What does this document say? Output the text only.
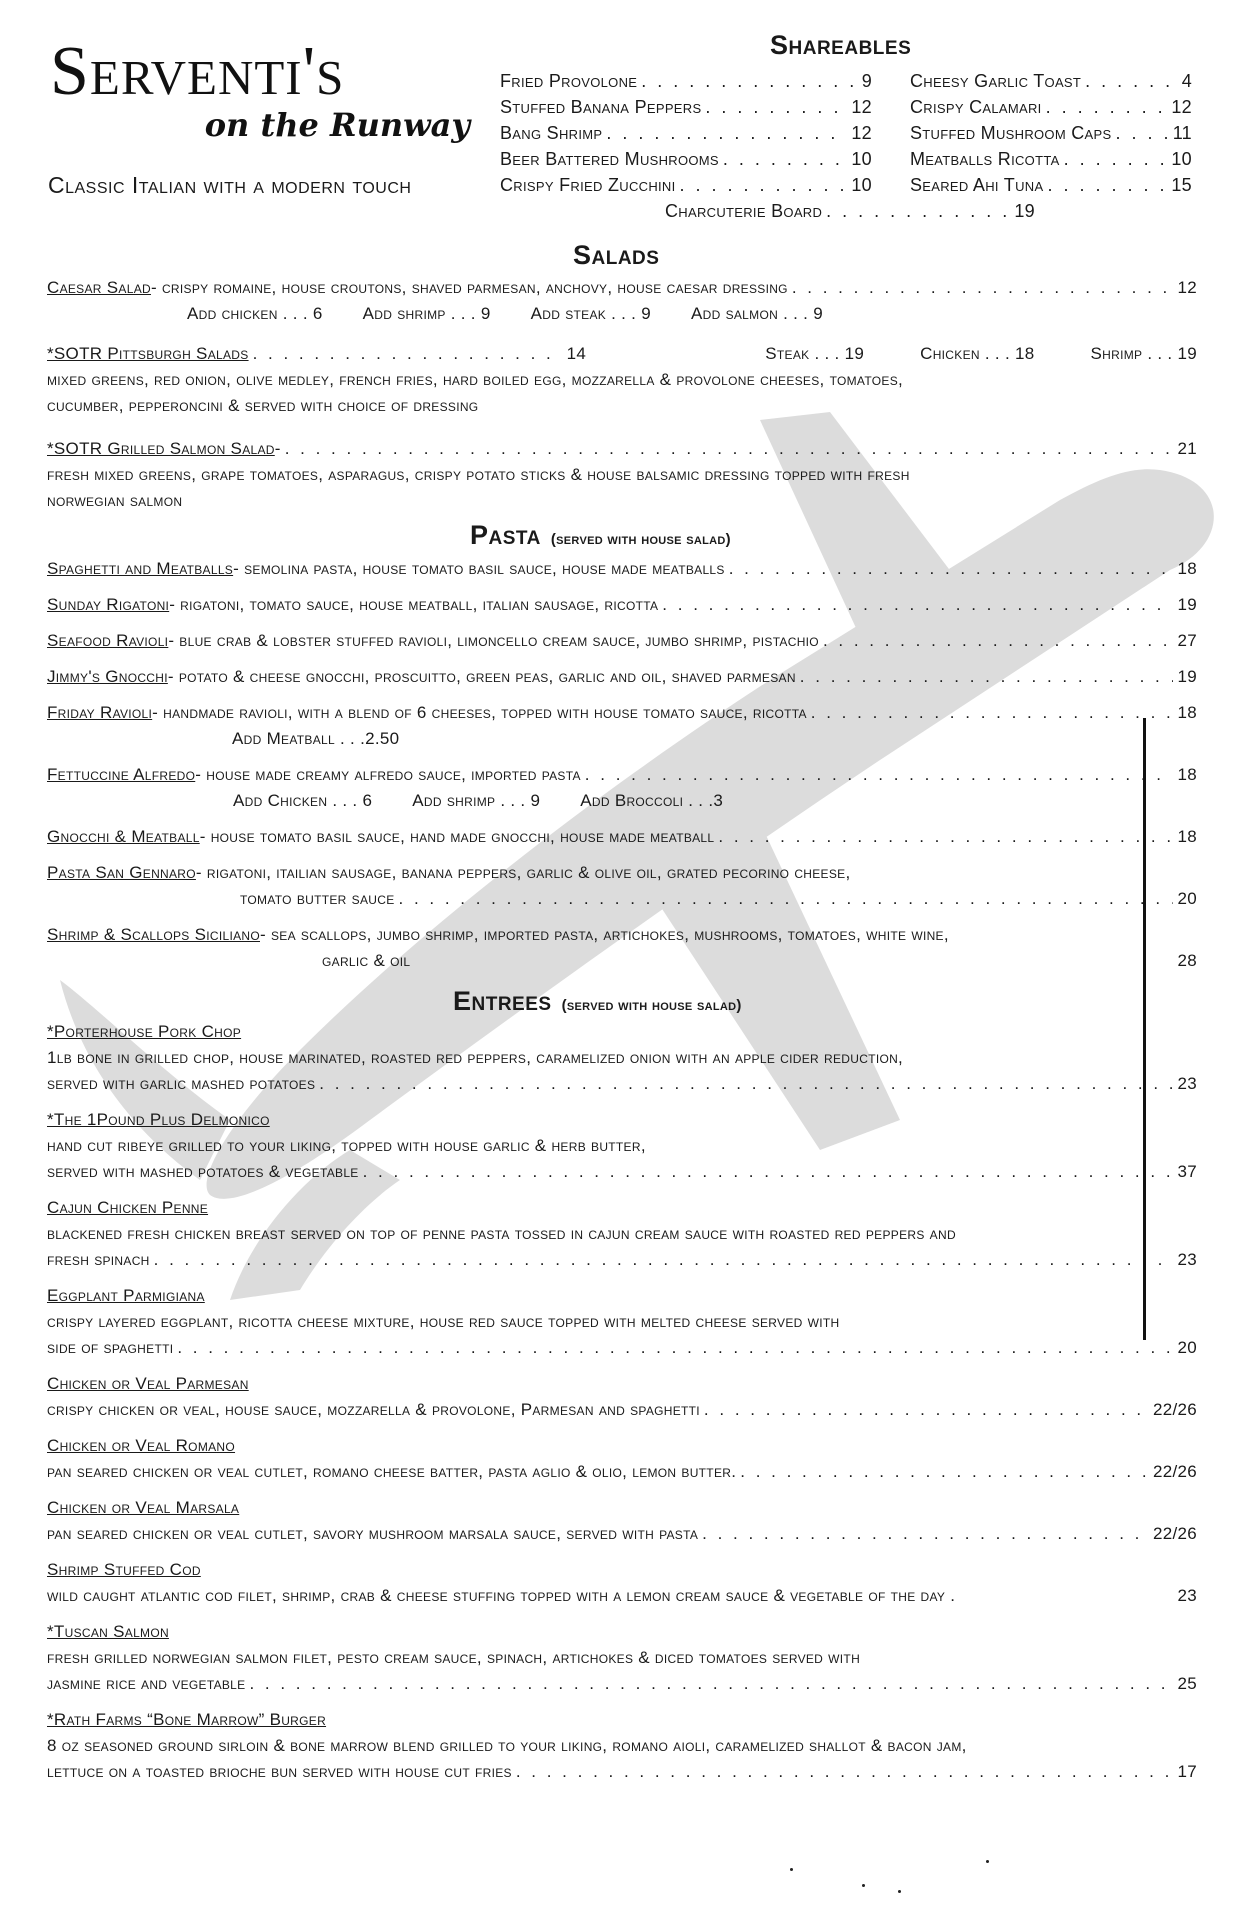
Serventi's
on the Runway
Classic Italian with a modern touch
Shareables
Fried Provolone . . .	9
Stuffed Banana Peppers . . .	12
Bang Shrimp . . .	12
Beer Battered Mushrooms . . .	10
Crispy Fried Zucchini . . .	10
Cheesy Garlic Toast . . .	4
Crispy Calamari . . .	12
Stuffed Mushroom Caps . . .	11
Meatballs Ricotta . . .	10
Seared Ahi Tuna . . .	15
Charcuterie Board . . .	19
Salads
Caesar Salad - crispy romaine, house croutons, shaved parmesan, anchovy, house caesar dressing . . .	12
Add chicken . . . 6 Add shrimp . . . 9 Add steak . . . 9 Add salmon . . . 9
*SOTR Pittsburgh Salads . . .	14	Steak . . . 19	Chicken . . . 18	Shrimp . . . 19
mixed greens, red onion, olive medley, french fries, hard boiled egg, mozzarella & provolone cheeses, tomatoes,
cucumber, pepperoncini & served with choice of dressing
*SOTR Grilled Salmon Salad - . . .	21
fresh mixed greens, grape tomatoes, asparagus, crispy potato sticks & house balsamic dressing topped with fresh
norwegian salmon
Pasta (served with house salad)
Spaghetti and Meatballs - semolina pasta, house tomato basil sauce, house made meatballs . . .	18
Sunday Rigatoni - rigatoni, tomato sauce, house meatball, italian sausage, ricotta . . .	19
Seafood Ravioli - blue crab & lobster stuffed ravioli, limoncello cream sauce, jumbo shrimp, pistachio . . .	27
Jimmy's Gnocchi - potato & cheese gnocchi, proscuitto, green peas, garlic and oil, shaved parmesan . . .	19
Friday Ravioli - handmade ravioli, with a blend of 6 cheeses, topped with house tomato sauce, ricotta . . .	18
Add Meatball . . .2.50
Fettuccine Alfredo - house made creamy alfredo sauce, imported pasta . . .	18
Add Chicken . . . 6 Add shrimp . . . 9 Add Broccoli . . .3
Gnocchi & Meatball - house tomato basil sauce, hand made gnocchi, house made meatball . . .	18
Pasta San Gennaro - rigatoni, itailian sausage, banana peppers, garlic & olive oil, grated pecorino cheese,
tomato butter sauce . . .	20
Shrimp & Scallops Siciliano - sea scallops, jumbo shrimp, imported pasta, artichokes, mushrooms, tomatoes, white wine,
garlic & oil	28
Entrees (served with house salad)
*Porterhouse Pork Chop
1lb bone in grilled chop, house marinated, roasted red peppers, caramelized onion with an apple cider reduction,
served with garlic mashed potatoes . . .	23
*The 1Pound Plus Delmonico
hand cut ribeye grilled to your liking, topped with house garlic & herb butter,
served with mashed potatoes & vegetable . . .	37
Cajun Chicken Penne
blackened fresh chicken breast served on top of penne pasta tossed in cajun cream sauce with roasted red peppers and
fresh spinach . . .	23
Eggplant Parmigiana
crispy layered eggplant, ricotta cheese mixture, house red sauce topped with melted cheese served with
side of spaghetti . . .	20
Chicken or Veal Parmesan
crispy chicken or veal, house sauce, mozzarella & provolone, Parmesan and spaghetti . . .	22/26
Chicken or Veal Romano
pan seared chicken or veal cutlet, romano cheese batter, pasta aglio & olio, lemon butter. . . .	22/26
Chicken or Veal Marsala
pan seared chicken or veal cutlet, savory mushroom marsala sauce, served with pasta . . .	22/26
Shrimp Stuffed Cod
wild caught atlantic cod filet, shrimp, crab & cheese stuffing topped with a lemon cream sauce & vegetable of the day .	23
*Tuscan Salmon
fresh grilled norwegian salmon filet, pesto cream sauce, spinach, artichokes & diced tomatoes served with
jasmine rice and vegetable . . .	25
*Rath Farms “Bone Marrow” Burger
8 oz seasoned ground sirloin & bone marrow blend grilled to your liking, romano aioli, caramelized shallot & bacon jam,
lettuce on a toasted brioche bun served with house cut fries . . .	17
